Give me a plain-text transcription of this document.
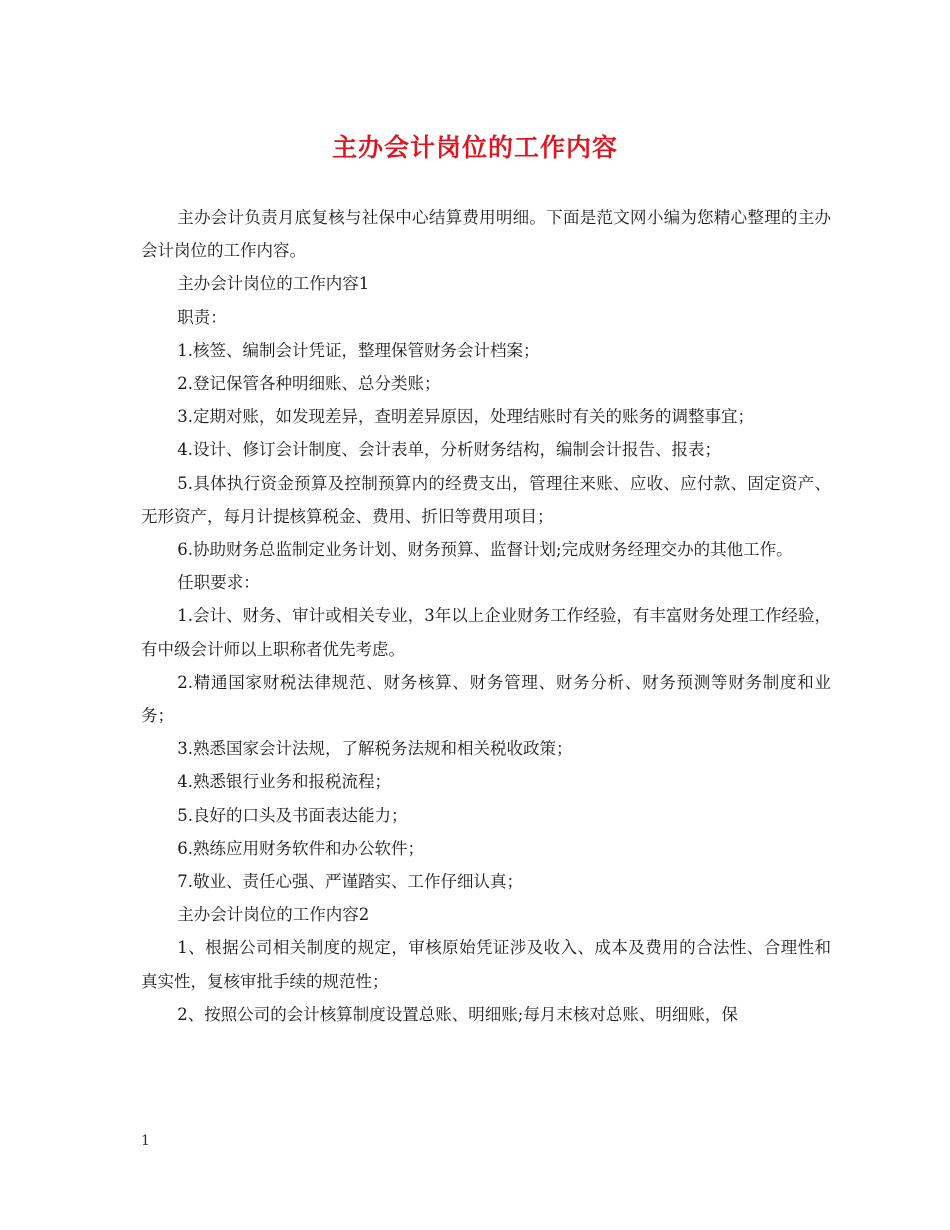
主办会计岗位的工作内容

主办会计负责月底复核与社保中心结算费用明细。下面是范文网小编为您精心整理的主办会计岗位的工作内容。

主办会计岗位的工作内容1

职责：

1.核签、编制会计凭证，整理保管财务会计档案；

2.登记保管各种明细账、总分类账；

3.定期对账，如发现差异，查明差异原因，处理结账时有关的账务的调整事宜；

4.设计、修订会计制度、会计表单，分析财务结构，编制会计报告、报表；

5.具体执行资金预算及控制预算内的经费支出，管理往来账、应收、应付款、固定资产、无形资产，每月计提核算税金、费用、折旧等费用项目；

6.协助财务总监制定业务计划、财务预算、监督计划;完成财务经理交办的其他工作。

任职要求：

1.会计、财务、审计或相关专业，3年以上企业财务工作经验，有丰富财务处理工作经验，有中级会计师以上职称者优先考虑。

2.精通国家财税法律规范、财务核算、财务管理、财务分析、财务预测等财务制度和业务；

3.熟悉国家会计法规，了解税务法规和相关税收政策；

4.熟悉银行业务和报税流程；

5.良好的口头及书面表达能力；

6.熟练应用财务软件和办公软件；

7.敬业、责任心强、严谨踏实、工作仔细认真；

主办会计岗位的工作内容2

1、根据公司相关制度的规定，审核原始凭证涉及收入、成本及费用的合法性、合理性和真实性，复核审批手续的规范性；

2、按照公司的会计核算制度设置总账、明细账;每月末核对总账、明细账，保

1
